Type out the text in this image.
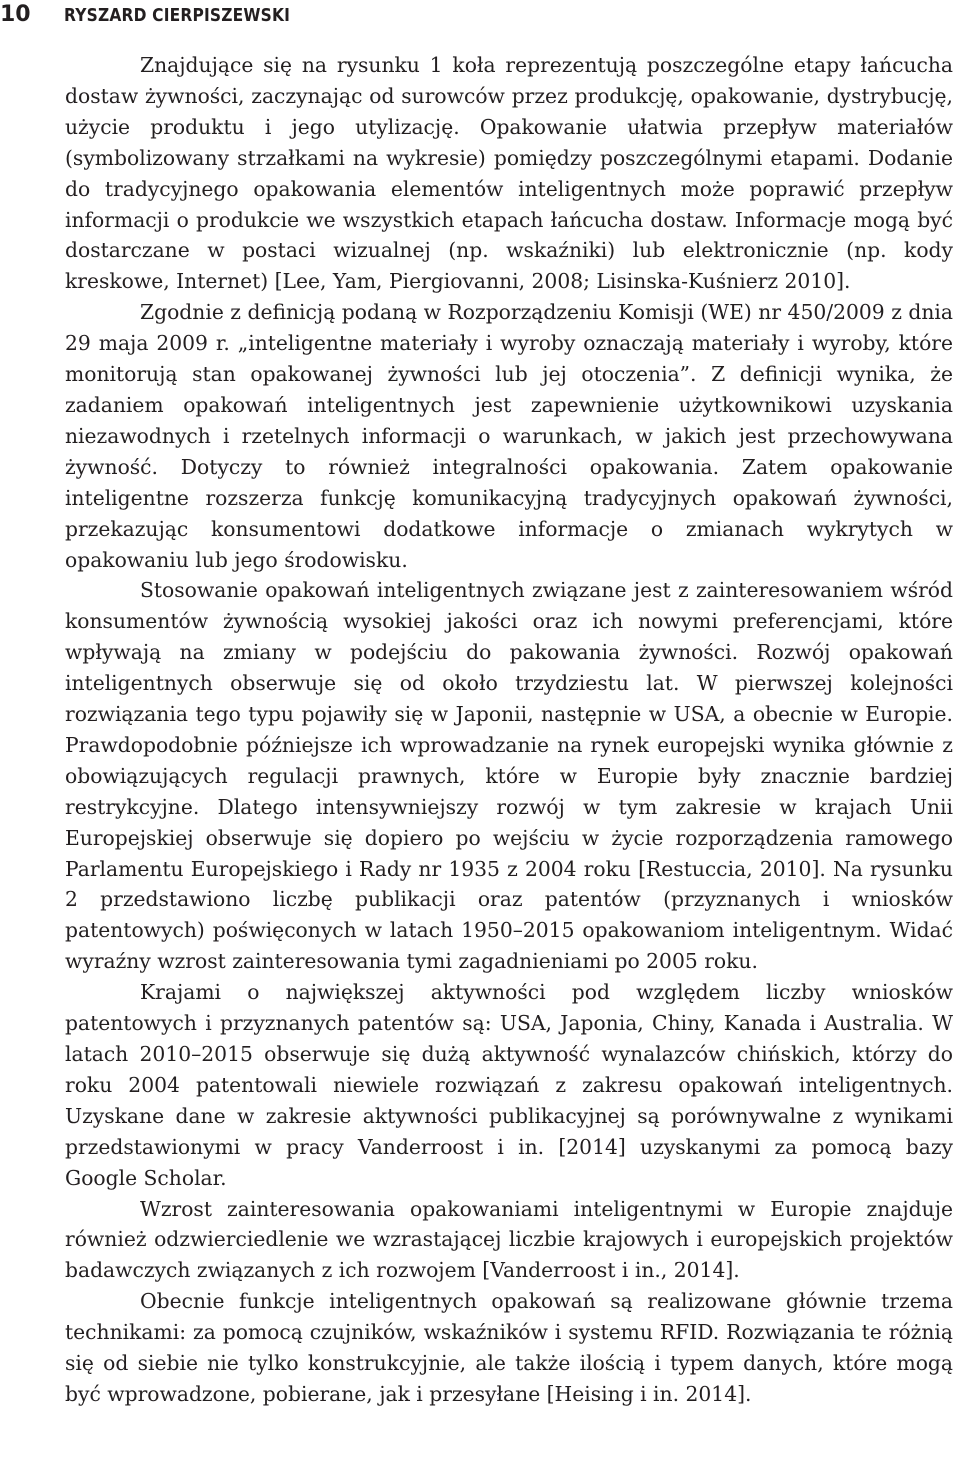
10	RYSZARD CIERPISZEWSKI

Znajdujące się na rysunku 1 koła reprezentują poszczególne etapy łańcucha dostaw żywności, zaczynając od surowców przez produkcję, opakowanie, dystrybucję, użycie produktu i jego utylizację. Opakowanie ułatwia przepływ materiałów (symbolizowany strzałkami na wykresie) pomiędzy poszczególnymi etapami. Dodanie do tradycyjnego opakowania elementów inteligentnych może poprawić przepływ informacji o produkcie we wszystkich etapach łańcucha dostaw. Informacje mogą być dostarczane w postaci wizualnej (np. wskaźniki) lub elektronicznie (np. kody kreskowe, Internet) [Lee, Yam, Piergiovanni, 2008; Lisinska-Kuśnierz 2010].

Zgodnie z definicją podaną w Rozporządzeniu Komisji (WE) nr 450/2009 z dnia 29 maja 2009 r. „inteligentne materiały i wyroby oznaczają materiały i wyroby, które monitorują stan opakowanej żywności lub jej otoczenia”. Z definicji wynika, że zadaniem opakowań inteligentnych jest zapewnienie użytkownikowi uzyskania niezawodnych i rzetelnych informacji o warunkach, w jakich jest przechowywana żywność. Dotyczy to również integralności opakowania. Zatem opakowanie inteligentne rozszerza funkcję komunikacyjną tradycyjnych opakowań żywności, przekazując konsumentowi dodatkowe informacje o zmianach wykrytych w opakowaniu lub jego środowisku.

Stosowanie opakowań inteligentnych związane jest z zainteresowaniem wśród konsumentów żywnością wysokiej jakości oraz ich nowymi preferencjami, które wpływają na zmiany w podejściu do pakowania żywności. Rozwój opakowań inteligentnych obserwuje się od około trzydziestu lat. W pierwszej kolejności rozwiązania tego typu pojawiły się w Japonii, następnie w USA, a obecnie w Europie. Prawdopodobnie późniejsze ich wprowadzanie na rynek europejski wynika głównie z obowiązujących regulacji prawnych, które w Europie były znacznie bardziej restrykcyjne. Dlatego intensywniejszy rozwój w tym zakresie w krajach Unii Europejskiej obserwuje się dopiero po wejściu w życie rozporządzenia ramowego Parlamentu Europejskiego i Rady nr 1935 z 2004 roku [Restuccia, 2010]. Na rysunku 2 przedstawiono liczbę publikacji oraz patentów (przyznanych i wniosków patentowych) poświęconych w latach 1950–2015 opakowaniom inteligentnym. Widać wyraźny wzrost zainteresowania tymi zagadnieniami po 2005 roku.

Krajami o największej aktywności pod względem liczby wniosków patentowych i przyznanych patentów są: USA, Japonia, Chiny, Kanada i Australia. W latach 2010–2015 obserwuje się dużą aktywność wynalazców chińskich, którzy do roku 2004 patentowali niewiele rozwiązań z zakresu opakowań inteligentnych. Uzyskane dane w zakresie aktywności publikacyjnej są porównywalne z wynikami przedstawionymi w pracy Vanderroost i in. [2014] uzyskanymi za pomocą bazy Google Scholar.

Wzrost zainteresowania opakowaniami inteligentnymi w Europie znajduje również odzwierciedlenie we wzrastającej liczbie krajowych i europejskich projektów badawczych związanych z ich rozwojem [Vanderroost i in., 2014].

Obecnie funkcje inteligentnych opakowań są realizowane głównie trzema technikami: za pomocą czujników, wskaźników i systemu RFID. Rozwiązania te różnią się od siebie nie tylko konstrukcyjnie, ale także ilością i typem danych, które mogą być wprowadzone, pobierane, jak i przesyłane [Heising i in. 2014].
